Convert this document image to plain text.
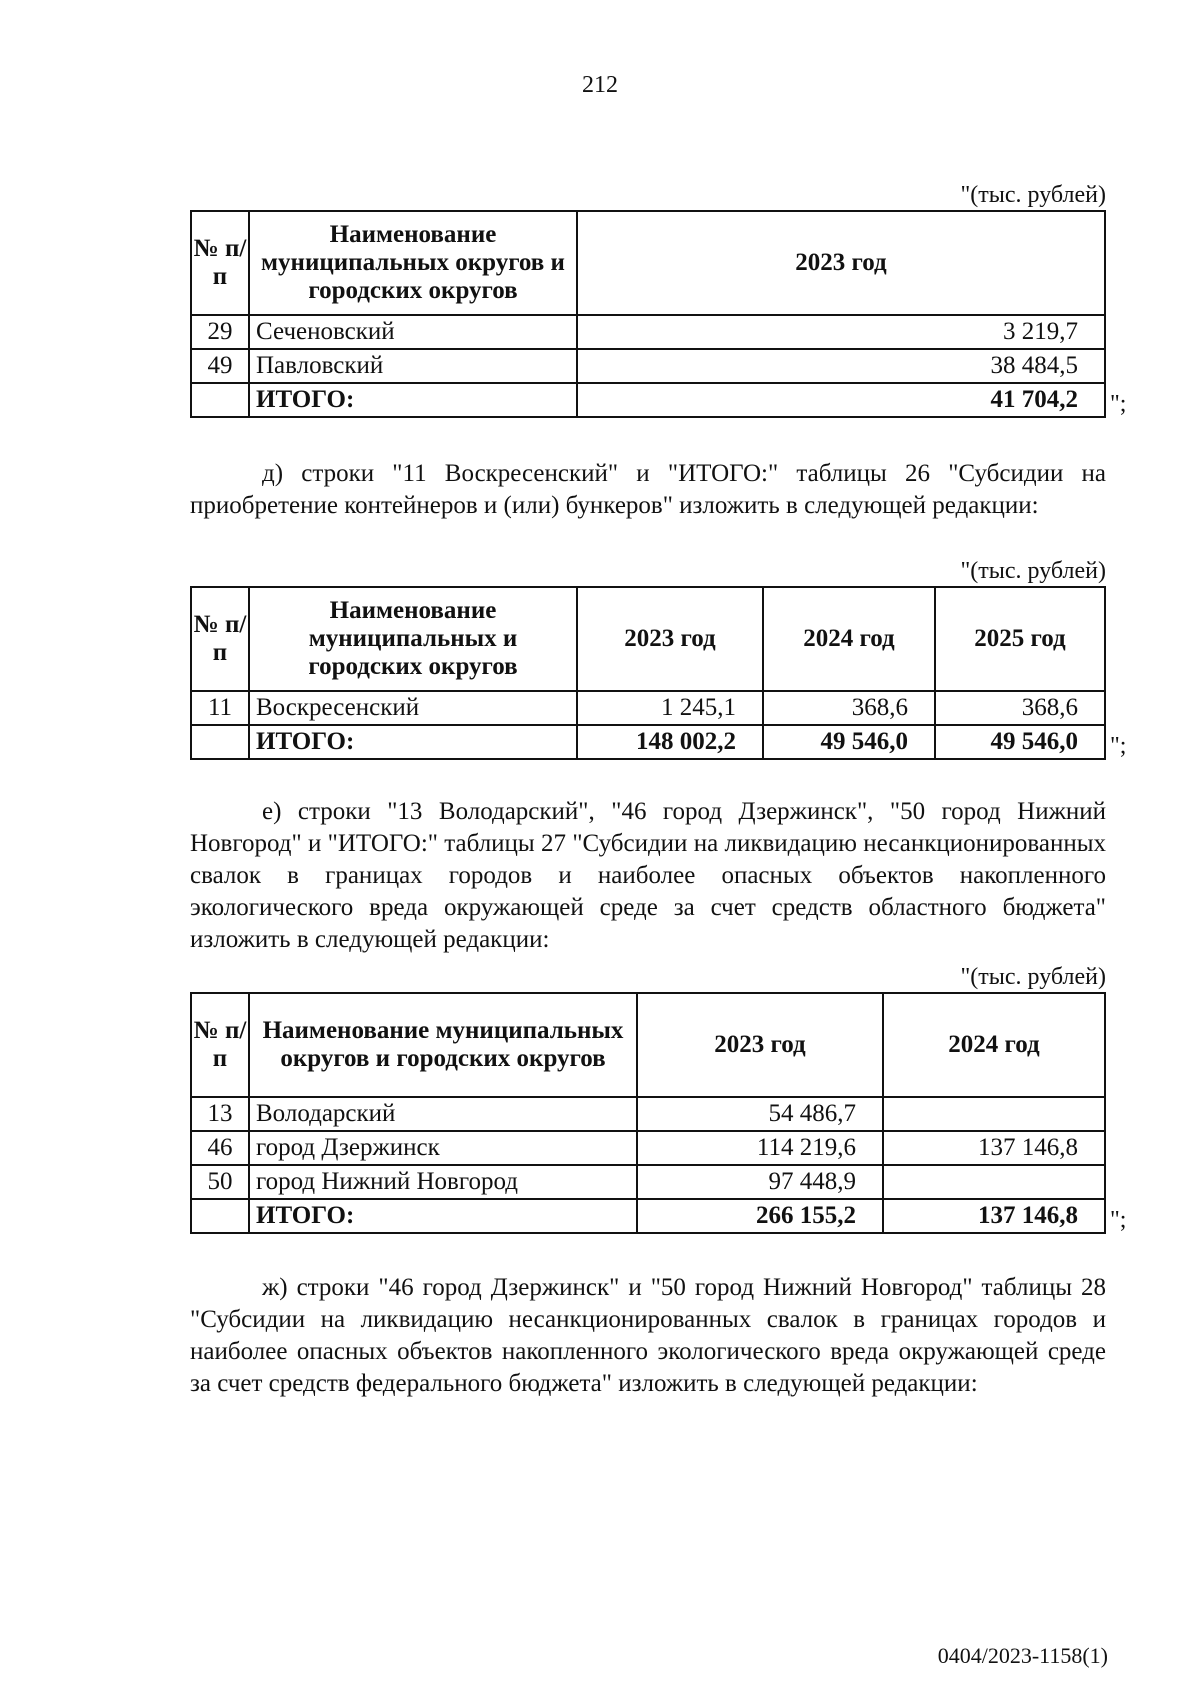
212
"(тыс. рублей)
№ п/п	Наименование муниципальных округов и городских округов	2023 год
29	Сеченовский	3 219,7
49	Павловский	38 484,5
	ИТОГО:	41 704,2 ";
д) строки "11 Воскресенский" и "ИТОГО:" таблицы 26 "Субсидии на приобретение контейнеров и (или) бункеров" изложить в следующей редакции:
"(тыс. рублей)
№ п/п	Наименование муниципальных и городских округов	2023 год	2024 год	2025 год
11	Воскресенский	1 245,1	368,6	368,6
	ИТОГО:	148 002,2	49 546,0	49 546,0 ";
е) строки "13 Володарский", "46 город Дзержинск", "50 город Нижний Новгород" и "ИТОГО:" таблицы 27 "Субсидии на ликвидацию несанкционированных свалок в границах городов и наиболее опасных объектов накопленного экологического вреда окружающей среде за счет средств областного бюджета" изложить в следующей редакции:
"(тыс. рублей)
№ п/п	Наименование муниципальных округов и городских округов	2023 год	2024 год
13	Володарский	54 486,7	
46	город Дзержинск	114 219,6	137 146,8
50	город Нижний Новгород	97 448,9	
	ИТОГО:	266 155,2	137 146,8 ";
ж) строки "46 город Дзержинск" и "50 город Нижний Новгород" таблицы 28 "Субсидии на ликвидацию несанкционированных свалок в границах городов и наиболее опасных объектов накопленного экологического вреда окружающей среде за счет средств федерального бюджета" изложить в следующей редакции:
0404/2023-1158(1)
